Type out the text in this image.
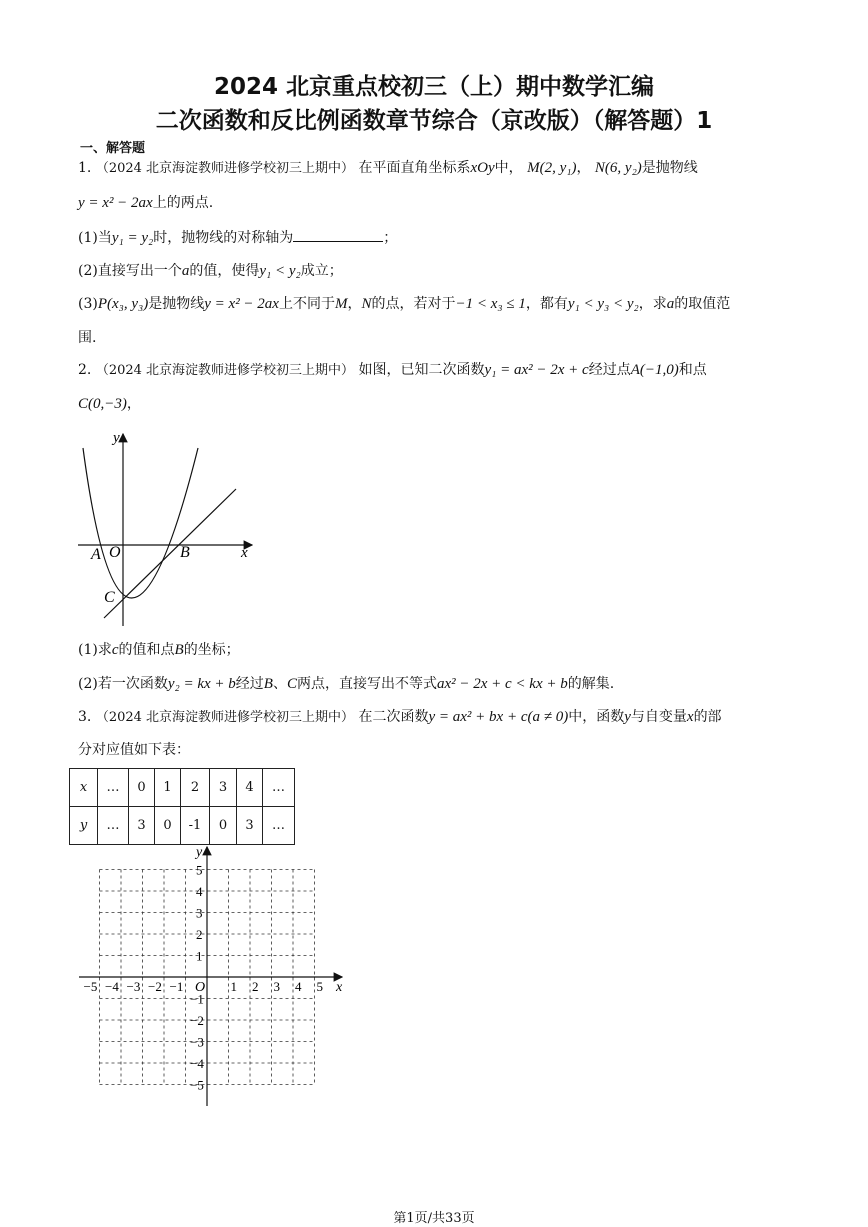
2024 北京重点校初三（上）期中数学汇编
二次函数和反比例函数章节综合（京改版）（解答题）1
一、解答题
1. （2024 北京海淀教师进修学校初三上期中） 在平面直角坐标系xOy中， M(2, y₁)， N(6, y₂)是抛物线
y = x² − 2ax上的两点.
(1)当y₁ = y₂时，抛物线的对称轴为	；
(2)直接写出一个a的值，使得y₁ < y₂成立；
(3)P(x₃, y₃)是抛物线y = x² − 2ax上不同于M，N的点，若对于−1 < x₃ ≤ 1，都有y₁ < y₃ < y₂，求a的取值范
围.
2. （2024 北京海淀教师进修学校初三上期中） 如图，已知二次函数y₁ = ax² − 2x + c经过点A(−1,0)和点
C(0,−3)，
y
x
A O	B
C
(1)求c的值和点B的坐标；
(2)若一次函数y₂ = kx + b经过B、C两点，直接写出不等式ax² − 2x + c < kx + b的解集.
3. （2024 北京海淀教师进修学校初三上期中） 在二次函数y = ax² + bx + c(a ≠ 0)中，函数y与自变量x的部
分对应值如下表：
x	…	0	1	2	3	4	…
y	…	3	0	-1	0	3	…
x
y
O
−5 −4 −3 −2 −1	1 2 3 4 5
5
4
3
2
1
−1
−2
−3
−4
−5
第1页/共33页
